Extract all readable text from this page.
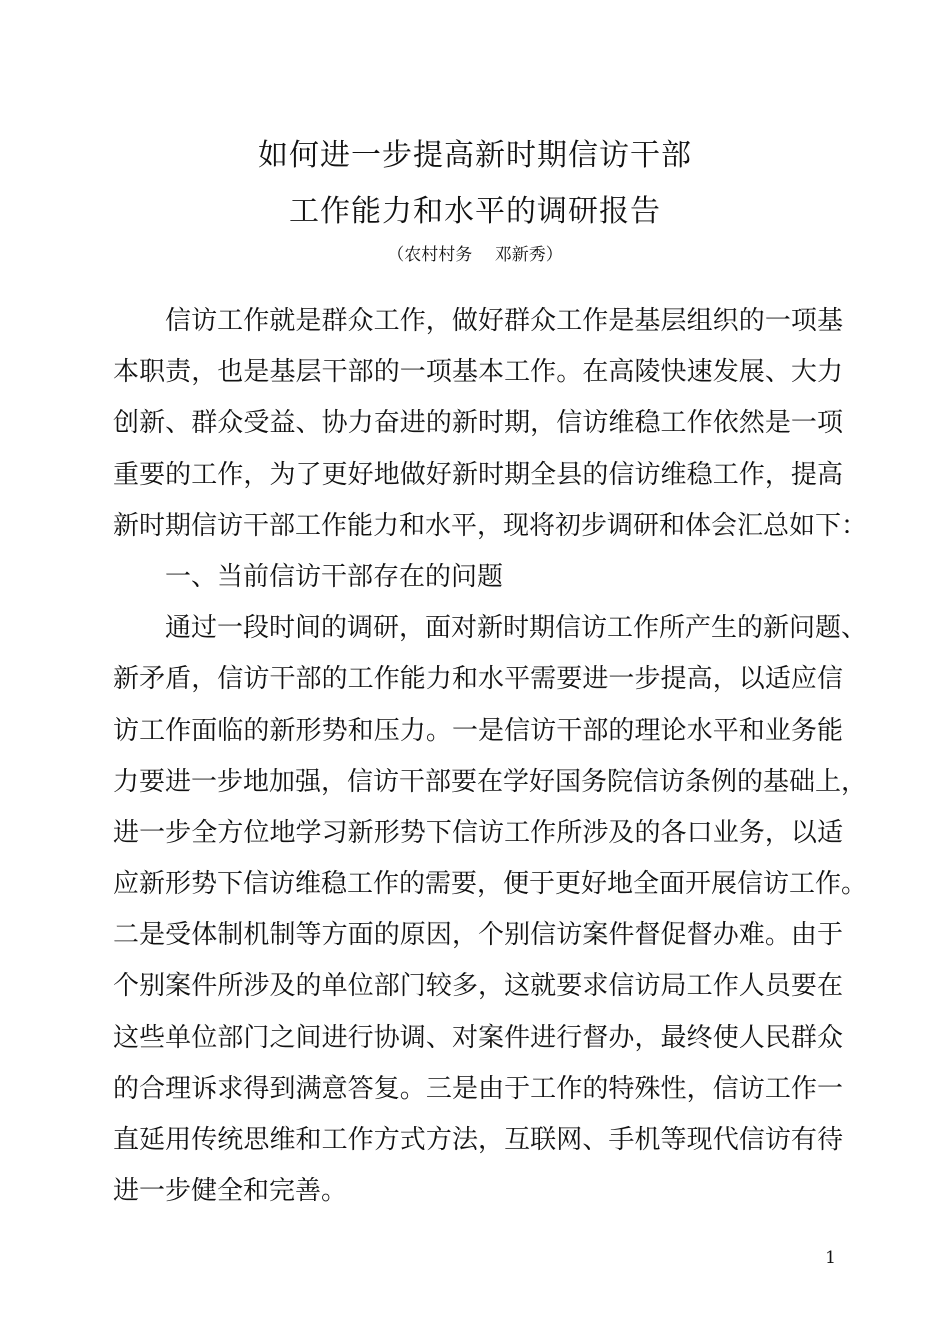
如何进一步提高新时期信访干部
工作能力和水平的调研报告
（农村村务　 邓新秀）
信访工作就是群众工作，做好群众工作是基层组织的一项基
本职责，也是基层干部的一项基本工作。在高陵快速发展、大力
创新、群众受益、协力奋进的新时期，信访维稳工作依然是一项
重要的工作，为了更好地做好新时期全县的信访维稳工作，提高
新时期信访干部工作能力和水平，现将初步调研和体会汇总如下：
一、当前信访干部存在的问题
通过一段时间的调研，面对新时期信访工作所产生的新问题、
新矛盾，信访干部的工作能力和水平需要进一步提高，以适应信
访工作面临的新形势和压力。一是信访干部的理论水平和业务能
力要进一步地加强，信访干部要在学好国务院信访条例的基础上，
进一步全方位地学习新形势下信访工作所涉及的各口业务，以适
应新形势下信访维稳工作的需要，便于更好地全面开展信访工作。
二是受体制机制等方面的原因，个别信访案件督促督办难。由于
个别案件所涉及的单位部门较多，这就要求信访局工作人员要在
这些单位部门之间进行协调、对案件进行督办，最终使人民群众
的合理诉求得到满意答复。三是由于工作的特殊性，信访工作一
直延用传统思维和工作方式方法，互联网、手机等现代信访有待
进一步健全和完善。
1
